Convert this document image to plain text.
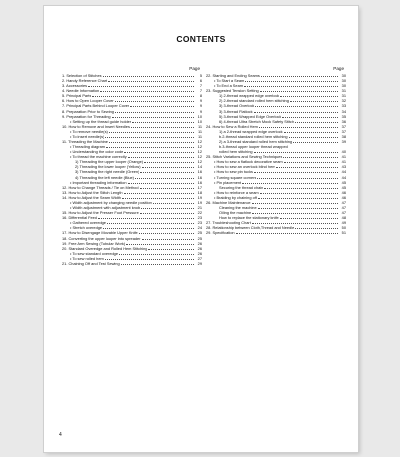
CONTENTS
Page
1. Selection of Stitches	5
2. Handy Reference Chart	6
3. Accessories	7
4. Needle Information	7
5. Principal Parts	8
6. How to Open Looper Cover	9
7. Principal Parts Behind Looper Cover	9
8. Preparation Prior to Sewing	9
9. Preparation for Threading	10
• Setting up the thread guide holder	10
10. How to Remove and Insert Needles	11
• To remove needle(s)	11
• To insert needle(s)	11
11. Threading the Machine	12
• Threading diagram	12
• Understanding the color code	12
• To thread the machine correctly	12
1) Threading the upper looper (Orange)	12
2) Threading the lower looper (Yellow)	14
3) Threading the right needle (Green)	16
4) Threading the left needle (Blue)	16
• Important threading information	16
12. How to Change Threads / Tie on Method	17
13. How to Adjust the Stitch Length	18
14. How to Adjust the Seam Width	19
• Width adjustment by changing needle position	19
• Width adjustment with adjustment knob	21
15. How to Adjust the Presser Foot Pressure	22
16. Differential Feed	23
• Gathered overedge	23
• Stretch overedge	24
17. How to Disengage Movable Upper Knife	25
18. Converting the upper looper into spreader	25
19. Free Arm Sewing (Tubular Work)	26
20. Standard Overedge and Rolled Hem Stitching	26
• To sew standard overedge	26
• To sew rolled hem	27
21. Chaining Off and Test Sewing	29
Page
22. Starting and Ending Seams	30
• To Start a Seam	30
• To End a Seam	30
23. Suggested Tension Setting	31
1) 2-thread wrapped edge overlock	31
2) 2-thread standard rolled hem stitching	32
3) 3-thread Overlock	33
3) 3-thread Flatlock	34
5) 3-thread Wrapped Edge Overlock	35
6) 4-thread Ultra Stretch Mock Safety Stitch	36
24. How to Sew a Rolled Hem	37
1) a 2-thread wrapped edge overlock	37
b.2-thread standard rolled hem stitching	38
2) a 3-thread standard rolled hem stitching	39
b.3-thread upper looper thread wrapped
rolled hem stitching	40
25. Stitch Variations and Sewing Techniques	41
• How to sew a flatlock decorative seam	41
• How to sew an overlock blind hem	43
• How to sew pin tucks	44
• Turning square corners	44
• Pin placement	45
Securing the thread chain	45
• How to reinforce a seam	46
• Braiding by chaining off	46
26. Machine Maintenance	47
Cleaning the machine	47
Oiling the machine	47
How to replace the stationary knife	48
27. Troubleshooting Chart	49
28. Relationship between Cloth,Thread and Needle	50
29. Specification	51
4
